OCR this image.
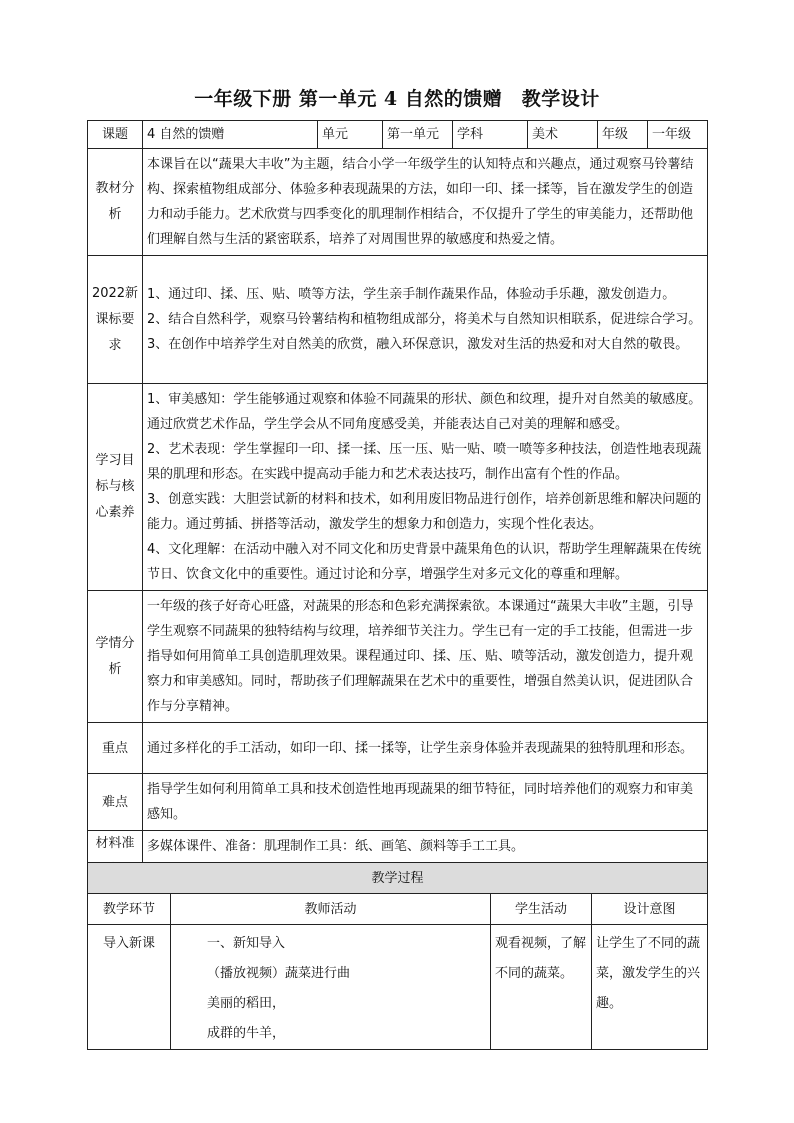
一年级下册 第一单元 4 自然的馈赠　教学设计
课题	4 自然的馈赠	单元	第一单元	学科	美术	年级	一年级
教材分析	本课旨在以“蔬果大丰收”为主题，结合小学一年级学生的认知特点和兴趣点，通过观察马铃薯结构、探索植物组成部分、体验多种表现蔬果的方法，如印一印、揉一揉等，旨在激发学生的创造力和动手能力。艺术欣赏与四季变化的肌理制作相结合，不仅提升了学生的审美能力，还帮助他们理解自然与生活的紧密联系，培养了对周围世界的敏感度和热爱之情。						
2022新课标要求	1、通过印、揉、压、贴、喷等方法，学生亲手制作蔬果作品，体验动手乐趣，激发创造力。

2、结合自然科学，观察马铃薯结构和植物组成部分，将美术与自然知识相联系，促进综合学习。

3、在创作中培养学生对自然美的欣赏，融入环保意识，激发对生活的热爱和对大自然的敬畏。						

学习目标与核心素养	1、审美感知：学生能够通过观察和体验不同蔬果的形状、颜色和纹理，提升对自然美的敏感度。通过欣赏艺术作品，学生学会从不同角度感受美，并能表达自己对美的理解和感受。

2、艺术表现：学生掌握印一印、揉一揉、压一压、贴一贴、喷一喷等多种技法，创造性地表现蔬果的肌理和形态。在实践中提高动手能力和艺术表达技巧，制作出富有个性的作品。

3、创意实践：大胆尝试新的材料和技术，如利用废旧物品进行创作，培养创新思维和解决问题的能力。通过剪插、拼搭等活动，激发学生的想象力和创造力，实现个性化表达。

4、文化理解：在活动中融入对不同文化和历史背景中蔬果角色的认识，帮助学生理解蔬果在传统节日、饮食文化中的重要性。通过讨论和分享，增强学生对多元文化的尊重和理解。						

学情分析	一年级的孩子好奇心旺盛，对蔬果的形态和色彩充满探索欲。本课通过“蔬果大丰收”主题，引导学生观察不同蔬果的独特结构与纹理，培养细节关注力。学生已有一定的手工技能，但需进一步指导如何用简单工具创造肌理效果。课程通过印、揉、压、贴、喷等活动，激发创造力，提升观察力和审美感知。同时，帮助孩子们理解蔬果在艺术中的重要性，增强自然美认识，促进团队合作与分享精神。						
重点	通过多样化的手工活动，如印一印、揉一揉等，让学生亲身体验并表现蔬果的独特肌理和形态。						
难点	指导学生如何利用简单工具和技术创造性地再现蔬果的细节特征，同时培养他们的观察力和审美感知。						
材料准	多媒体课件、准备：肌理制作工具：纸、画笔、颜料等手工工具。						
教学过程			
教学环节	教师活动	学生活动	设计意图
导入新课	一、新知导入
（播放视频）蔬菜进行曲
美丽的稻田，
成群的牛羊，	观看视频，了解不同的蔬菜。	让学生了不同的蔬菜，激发学生的兴趣。
